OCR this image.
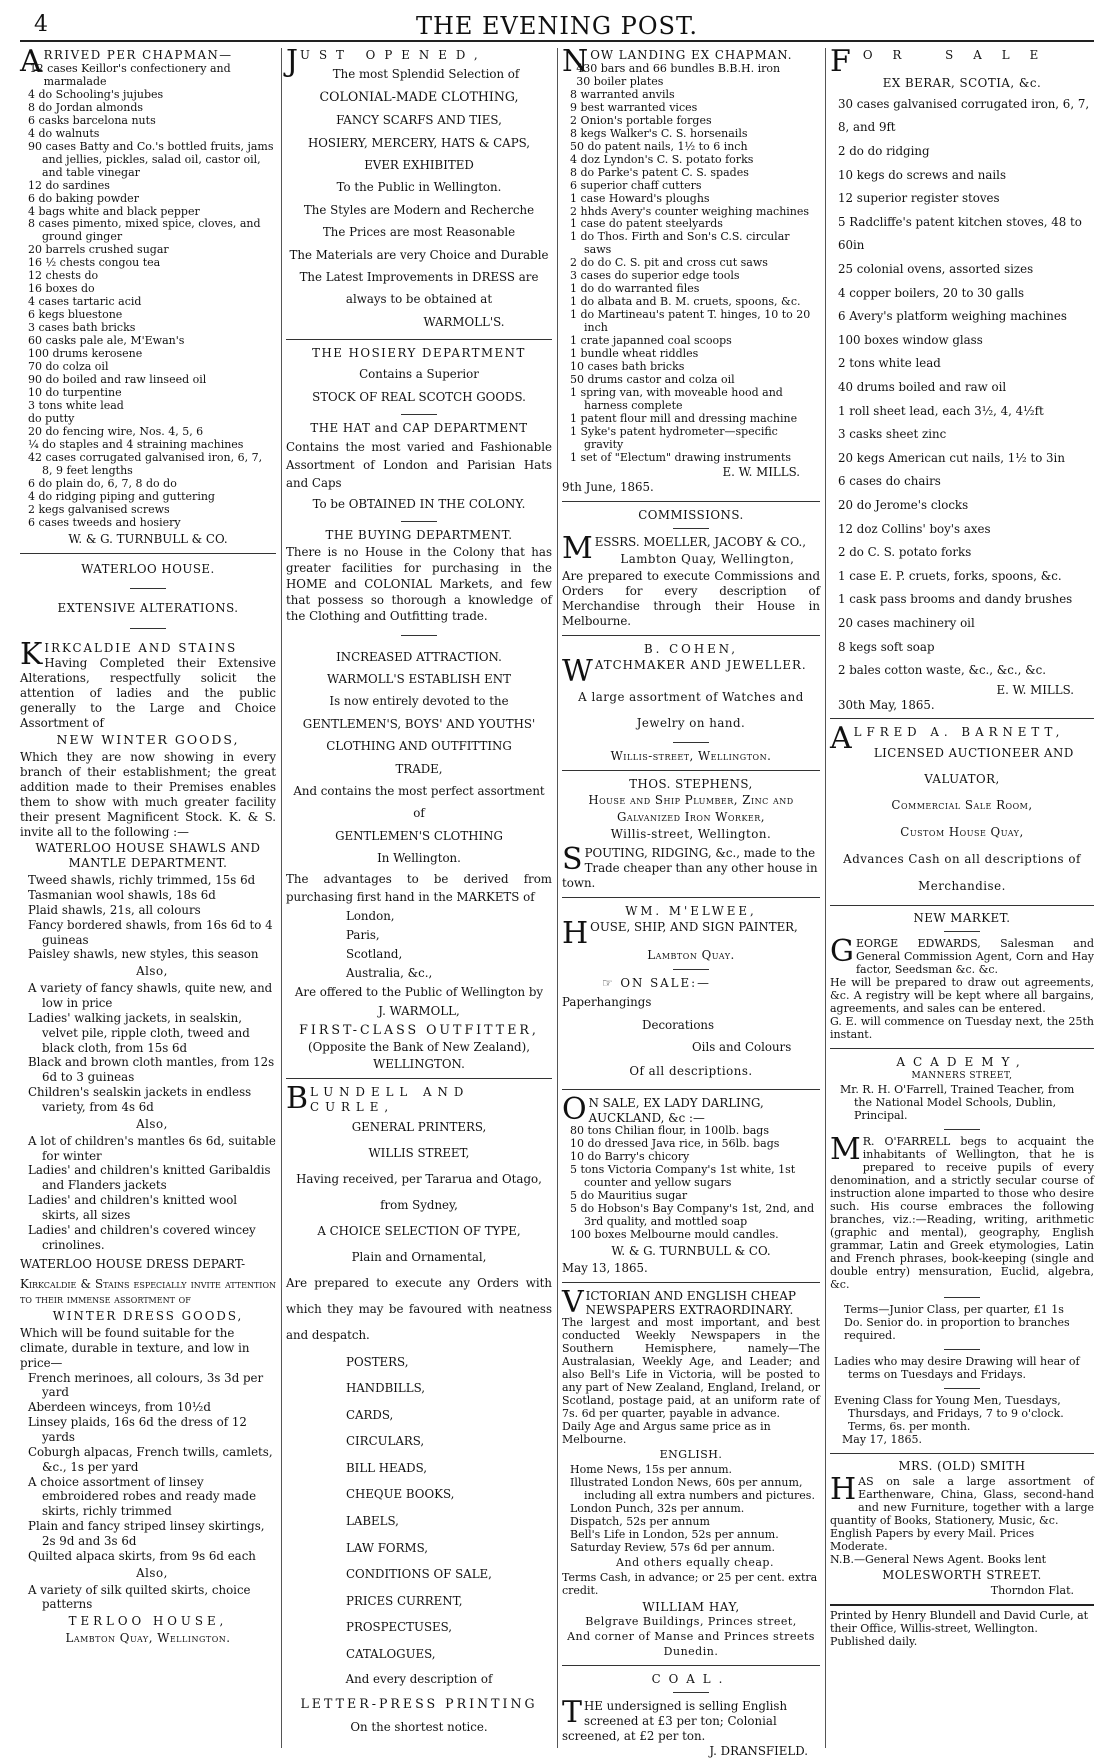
4	THE EVENING POST.

ARRIVED PER CHAPMAN—

12 cases Keillor's confectionery and marmalade

4 do Schooling's jujubes

8 do Jordan almonds

6 casks barcelona nuts

4 do walnuts

90 cases Batty and Co.'s bottled fruits, jams and jellies, pickles, salad oil, castor oil, and table vinegar

12 do sardines

6 do baking powder

4 bags white and black pepper

8 cases pimento, mixed spice, cloves, and ground ginger

20 barrels crushed sugar

16 ½ chests congou tea

12 chests do

16 boxes do

4 cases tartaric acid

6 kegs bluestone

3 cases bath bricks

60 casks pale ale, M'Ewan's

100 drums kerosene

70 do colza oil

90 do boiled and raw linseed oil

10 do turpentine

3 tons white lead

do putty

20 do fencing wire, Nos. 4, 5, 6

¼ do staples and 4 straining machines

42 cases corrugated galvanised iron, 6, 7, 8, 9 feet lengths

6 do plain do, 6, 7, 8 do do

4 do ridging piping and guttering

2 kegs galvanised screws

6 cases tweeds and hosiery

W. & G. TURNBULL & CO.

WATERLOO HOUSE.

EXTENSIVE ALTERATIONS.

KIRKCALDIE AND STAINS

Having Completed their Extensive Alterations, respectfully solicit the attention of ladies and the public generally to the Large and Choice Assortment of

NEW WINTER GOODS,

Which they are now showing in every branch of their establishment; the great addition made to their Premises enables them to show with much greater facility their present Magnificent Stock. K. & S. invite all to the following :—

WATERLOO HOUSE SHAWLS AND MANTLE DEPARTMENT.

Tweed shawls, richly trimmed, 15s 6d

Tasmanian wool shawls, 18s 6d

Plaid shawls, 21s, all colours

Fancy bordered shawls, from 16s 6d to 4 guineas

Paisley shawls, new styles, this season

Also,

A variety of fancy shawls, quite new, and low in price

Ladies' walking jackets, in sealskin, velvet pile, ripple cloth, tweed and black cloth, from 15s 6d

Black and brown cloth mantles, from 12s 6d to 3 guineas

Children's sealskin jackets in endless variety, from 4s 6d

Also,

A lot of children's mantles 6s 6d, suitable for winter

Ladies' and children's knitted Garibaldis and Flanders jackets

Ladies' and children's knitted wool skirts, all sizes

Ladies' and children's covered wincey crinolines.

WATERLOO HOUSE DRESS DEPART-

Kirkcaldie & Stains especially invite attention to their immense assortment of

WINTER DRESS GOODS,

Which will be found suitable for the climate, durable in texture, and low in price—

French merinoes, all colours, 3s 3d per yard

Aberdeen winceys, from 10½d

Linsey plaids, 16s 6d the dress of 12 yards

Coburgh alpacas, French twills, camlets, &c., 1s per yard

A choice assortment of linsey embroidered robes and ready made skirts, richly trimmed

Plain and fancy striped linsey skirtings, 2s 9d and 3s 6d

Quilted alpaca skirts, from 9s 6d each

Also,

A variety of silk quilted skirts, choice patterns

TERLOO HOUSE,

Lambton Quay, Wellington.

JUST OPENED,

The most Splendid Selection of

COLONIAL-MADE CLOTHING,

FANCY SCARFS AND TIES,

HOSIERY, MERCERY, HATS & CAPS,

EVER EXHIBITED

To the Public in Wellington.

The Styles are Modern and Recherche

The Prices are most Reasonable

The Materials are very Choice and Durable

The Latest Improvements in DRESS are

always to be obtained at

WARMOLL'S.

THE HOSIERY DEPARTMENT

Contains a Superior

STOCK OF REAL SCOTCH GOODS.

THE HAT and CAP DEPARTMENT

Contains the most varied and Fashionable Assortment of London and Parisian Hats and Caps

To be OBTAINED IN THE COLONY.

THE BUYING DEPARTMENT.

There is no House in the Colony that has greater facilities for purchasing in the HOME and COLONIAL Markets, and few that possess so thorough a knowledge of the Clothing and Outfitting trade.

INCREASED ATTRACTION.

WARMOLL'S ESTABLISH ENT

Is now entirely devoted to the

GENTLEMEN'S, BOYS' AND YOUTHS'

CLOTHING AND OUTFITTING

TRADE,

And contains the most perfect assortment of

GENTLEMEN'S CLOTHING

In Wellington.

The advantages to be derived from purchasing first hand in the MARKETS of

London,

Paris,

Scotland,

Australia, &c.,

Are offered to the Public of Wellington by

J. WARMOLL,

FIRST-CLASS OUTFITTER,

(Opposite the Bank of New Zealand),

WELLINGTON.

BLUNDELL AND CURLE,

GENERAL PRINTERS,

WILLIS STREET,

Having received, per Tararua and Otago,

from Sydney,

A CHOICE SELECTION OF TYPE,

Plain and Ornamental,

Are prepared to execute any Orders with which they may be favoured with neatness and despatch.

POSTERS,

HANDBILLS,

CARDS,

CIRCULARS,

BILL HEADS,

CHEQUE BOOKS,

LABELS,

LAW FORMS,

CONDITIONS OF SALE,

PRICES CURRENT,

PROSPECTUSES,

CATALOGUES,

And every description of

LETTER-PRESS PRINTING

On the shortest notice.

NOW LANDING EX CHAPMAN.

430 bars and 66 bundles B.B.H. iron

30 boiler plates

8 warranted anvils

9 best warranted vices

2 Onion's portable forges

8 kegs Walker's C. S. horsenails

50 do patent nails, 1½ to 6 inch

4 doz Lyndon's C. S. potato forks

8 do Parke's patent C. S. spades

6 superior chaff cutters

1 case Howard's ploughs

2 hhds Avery's counter weighing machines

1 case do patent steelyards

1 do Thos. Firth and Son's C.S. circular saws

2 do do C. S. pit and cross cut saws

3 cases do superior edge tools

1 do do warranted files

1 do albata and B. M. cruets, spoons, &c.

1 do Martineau's patent T. hinges, 10 to 20 inch

1 crate japanned coal scoops

1 bundle wheat riddles

10 cases bath bricks

50 drums castor and colza oil

1 spring van, with moveable hood and harness complete

1 patent flour mill and dressing machine

1 Syke's patent hydrometer—specific gravity

1 set of "Electum" drawing instruments

E. W. MILLS.

9th June, 1865.

COMMISSIONS.

MESSRS. MOELLER, JACOBY & CO.,

Lambton Quay, Wellington,

Are prepared to execute Commissions and Orders for every description of Merchandise through their House in Melbourne.

B. COHEN,

WATCHMAKER AND JEWELLER.

A large assortment of Watches and

Jewelry on hand.

Willis-street, Wellington.

THOS. STEPHENS,

House and Ship Plumber, Zinc and

Galvanized Iron Worker,

Willis-street, Wellington.

SPOUTING, RIDGING, &c., made to the Trade cheaper than any other house in town.

WM. M'ELWEE,

HOUSE, SHIP, AND SIGN PAINTER,

Lambton Quay.

☞ ON SALE:—

Paperhangings

Decorations

Oils and Colours

Of all descriptions.

O N SALE, EX LADY DARLING, AUCKLAND, &c :—

80 tons Chilian flour, in 100lb. bags

10 do dressed Java rice, in 56lb. bags

10 do Barry's chicory

5 tons Victoria Company's 1st white, 1st counter and yellow sugars

5 do Mauritius sugar

5 do Hobson's Bay Company's 1st, 2nd, and 3rd quality, and mottled soap

100 boxes Melbourne mould candles.

W. & G. TURNBULL & CO.

May 13, 1865.

VICTORIAN AND ENGLISH CHEAP NEWSPAPERS EXTRAORDINARY.

The largest and most important, and best conducted Weekly Newspapers in the Southern Hemisphere, namely—The Australasian, Weekly Age, and Leader; and also Bell's Life in Victoria, will be posted to any part of New Zealand, England, Ireland, or Scotland, postage paid, at an uniform rate of 7s. 6d per quarter, payable in advance.

Daily Age and Argus same price as in Melbourne.

ENGLISH.

Home News, 15s per annum.

Illustrated London News, 60s per annum, including all extra numbers and pictures.

London Punch, 32s per annum.

Dispatch, 52s per annum

Bell's Life in London, 52s per annum.

Saturday Review, 57s 6d per annum.

And others equally cheap.

Terms Cash, in advance; or 25 per cent. extra credit.

WILLIAM HAY,

Belgrave Buildings, Princes street,

And corner of Manse and Princes streets

Dunedin.

COAL.

THE undersigned is selling English screened at £3 per ton; Colonial screened, at £2 per ton.

J. DRANSFIELD.

F OR SALE

EX BERAR, SCOTIA, &c.

30 cases galvanised corrugated iron, 6, 7, 8, and 9ft

2 do do ridging

10 kegs do screws and nails

12 superior register stoves

5 Radcliffe's patent kitchen stoves, 48 to 60in

25 colonial ovens, assorted sizes

4 copper boilers, 20 to 30 galls

6 Avery's platform weighing machines

100 boxes window glass

2 tons white lead

40 drums boiled and raw oil

1 roll sheet lead, each 3½, 4, 4½ft

3 casks sheet zinc

20 kegs American cut nails, 1½ to 3in

6 cases do chairs

20 do Jerome's clocks

12 doz Collins' boy's axes

2 do C. S. potato forks

1 case E. P. cruets, forks, spoons, &c.

1 cask pass brooms and dandy brushes

20 cases machinery oil

8 kegs soft soap

2 bales cotton waste, &c., &c., &c.

E. W. MILLS.

30th May, 1865.

ALFRED A. BARNETT,

LICENSED AUCTIONEER AND

VALUATOR,

Commercial Sale Room,

Custom House Quay,

Advances Cash on all descriptions of

Merchandise.

NEW MARKET.

GEORGE EDWARDS, Salesman and General Commission Agent, Corn and Hay factor, Seedsman &c. &c.

He will be prepared to draw out agreements, &c. A registry will be kept where all bargains, agreements, and sales can be entered.

G. E. will commence on Tuesday next, the 25th instant.

ACADEMY,

MANNERS STREET,

Mr. R. H. O'Farrell, Trained Teacher, from the National Model Schools, Dublin, Principal.

M R. O'FARRELL begs to acquaint the inhabitants of Wellington, that he is prepared to receive pupils of every denomination, and a strictly secular course of instruction alone imparted to those who desire such. His course embraces the following branches, viz.:—Reading, writing, arithmetic (graphic and mental), geography, English grammar, Latin and Greek etymologies, Latin and French phrases, book-keeping (single and double entry) mensuration, Euclid, algebra, &c.

Terms—Junior Class, per quarter, £1 1s

Do. Senior do. in proportion to branches required.

Ladies who may desire Drawing will hear of terms on Tuesdays and Fridays.

Evening Class for Young Men, Tuesdays, Thursdays, and Fridays, 7 to 9 o'clock. Terms, 6s. per month.

May 17, 1865.

MRS. (OLD) SMITH

HAS on sale a large assortment of Earthenware, China, Glass, second-hand and new Furniture, together with a large quantity of Books, Stationery, Music, &c.

English Papers by every Mail. Prices Moderate.

N.B.—General News Agent. Books lent

MOLESWORTH STREET.

Thorndon Flat.

Printed by Henry Blundell and David Curle, at their Office, Willis-street, Wellington. Published daily.
